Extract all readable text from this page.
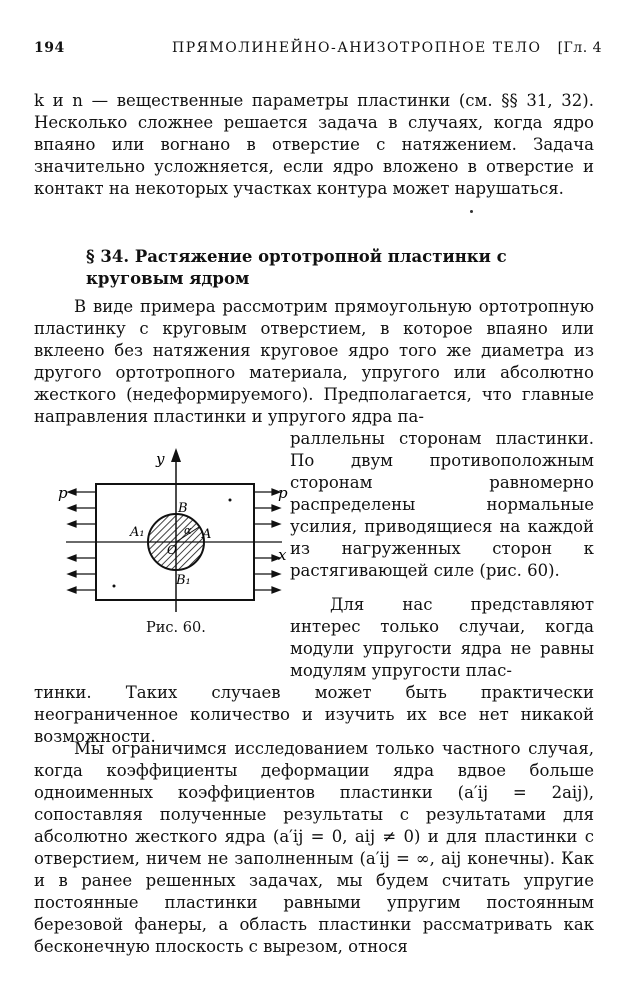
194	ПРЯМОЛИНЕЙНО-АНИЗОТРОПНОЕ ТЕЛО [Гл. 4

k и n — вещественные параметры пластинки (см. §§ 31, 32). Несколько сложнее решается задача в случаях, когда ядро впаяно или вогнано в отверстие с натяжением. Задача значительно усложняется, если ядро вложено в отверстие и контакт на некоторых участках контура может нарушаться.

§ 34. Растяжение ортотропной пластинки с круговым ядром

В виде примера рассмотрим прямоугольную ортотропную пластинку с круговым отверстием, в которое впаяно или вклеено без натяжения круговое ядро того же диаметра из другого ортотропного материала, упругого или абсолютно жесткого (недеформируемого). Предполагается, что главные направления пластинки и упругого ядра па-

раллельны сторонам пластинки. По двум противоположным сторонам равномерно распределены нормальные усилия, приводящиеся на каждой из нагруженных сторон к растягивающей силе (рис. 60).

Для нас представляют интерес только случаи, когда модули упругости ядра не равны модулям упругости плас-

тинки. Таких случаев может быть практически неограниченное количество и изучить их все нет никакой возможности.

Мы ограничимся исследованием только частного случая, когда коэффициенты деформации ядра вдвое больше одноименных коэффициентов пластинки (a′ij = 2aij), сопоставляя полученные результаты с результатами для абсолютно жесткого ядра (a′ij = 0, aij ≠ 0) и для пластинки с отверстием, ничем не заполненным (a′ij = ∞, aij конечны). Как и в ранее решенных задачах, мы будем считать упругие постоянные пластинки равными упругим постоянным березовой фанеры, а область пластинки рассматривать как бесконечную плоскость с вырезом, относя

y
x
p	p
A
A₁
B
B₁
α
O
Рис. 60.
